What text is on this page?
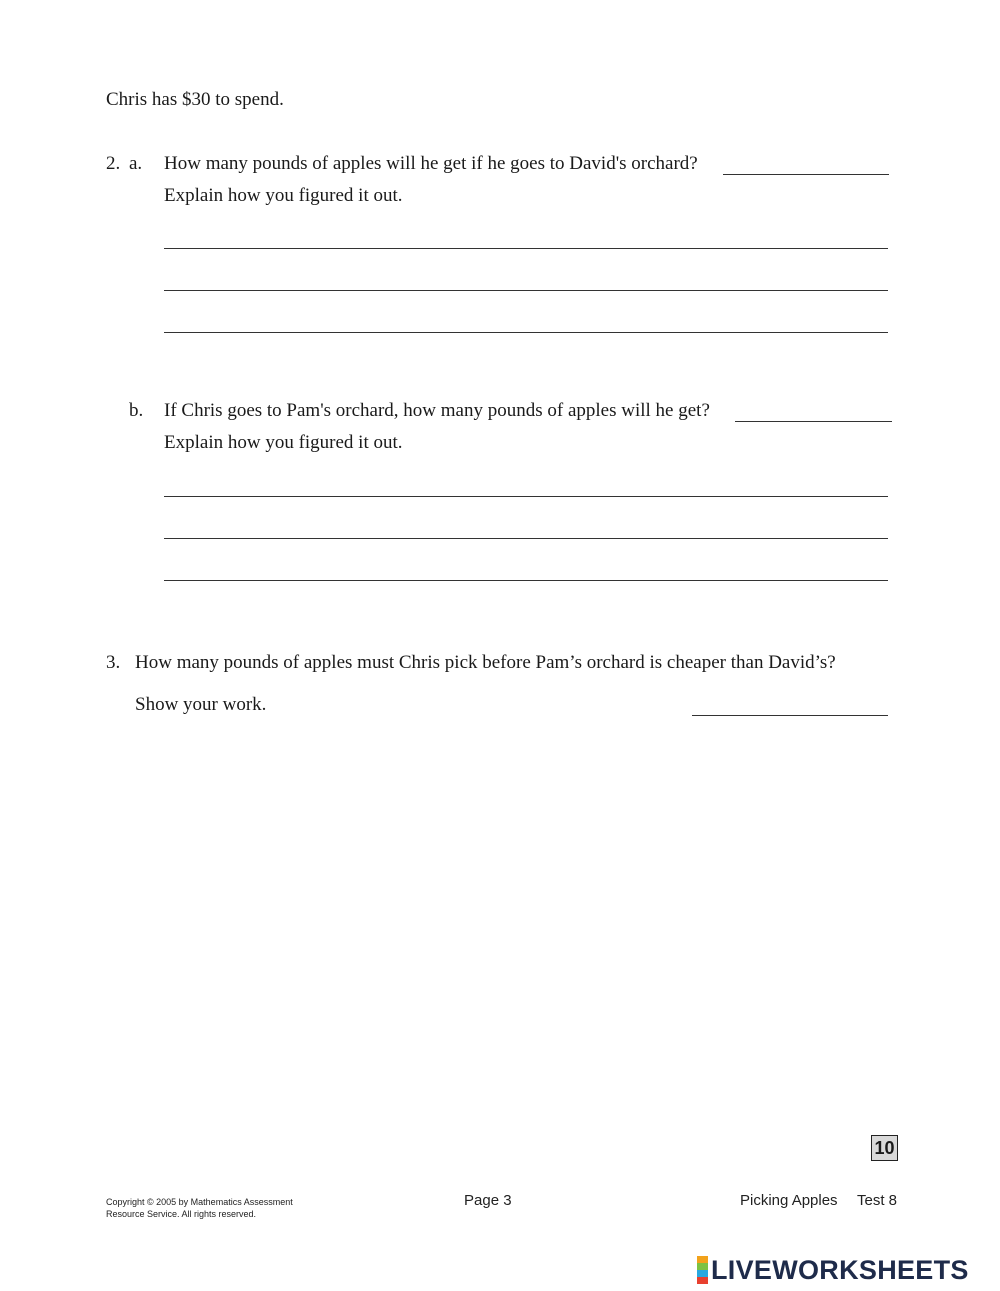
Chris has $30 to spend.
2. a. How many pounds of apples will he get if he goes to David's orchard?
Explain how you figured it out.
b. If Chris goes to Pam's orchard, how many pounds of apples will he get?
Explain how you figured it out.
3. How many pounds of apples must Chris pick before Pam’s orchard is cheaper than David’s?
Show your work.
10
Copyright © 2005 by Mathematics Assessment
Resource Service. All rights reserved.
Page 3	Picking Apples Test 8
LIVEWORKSHEETS
